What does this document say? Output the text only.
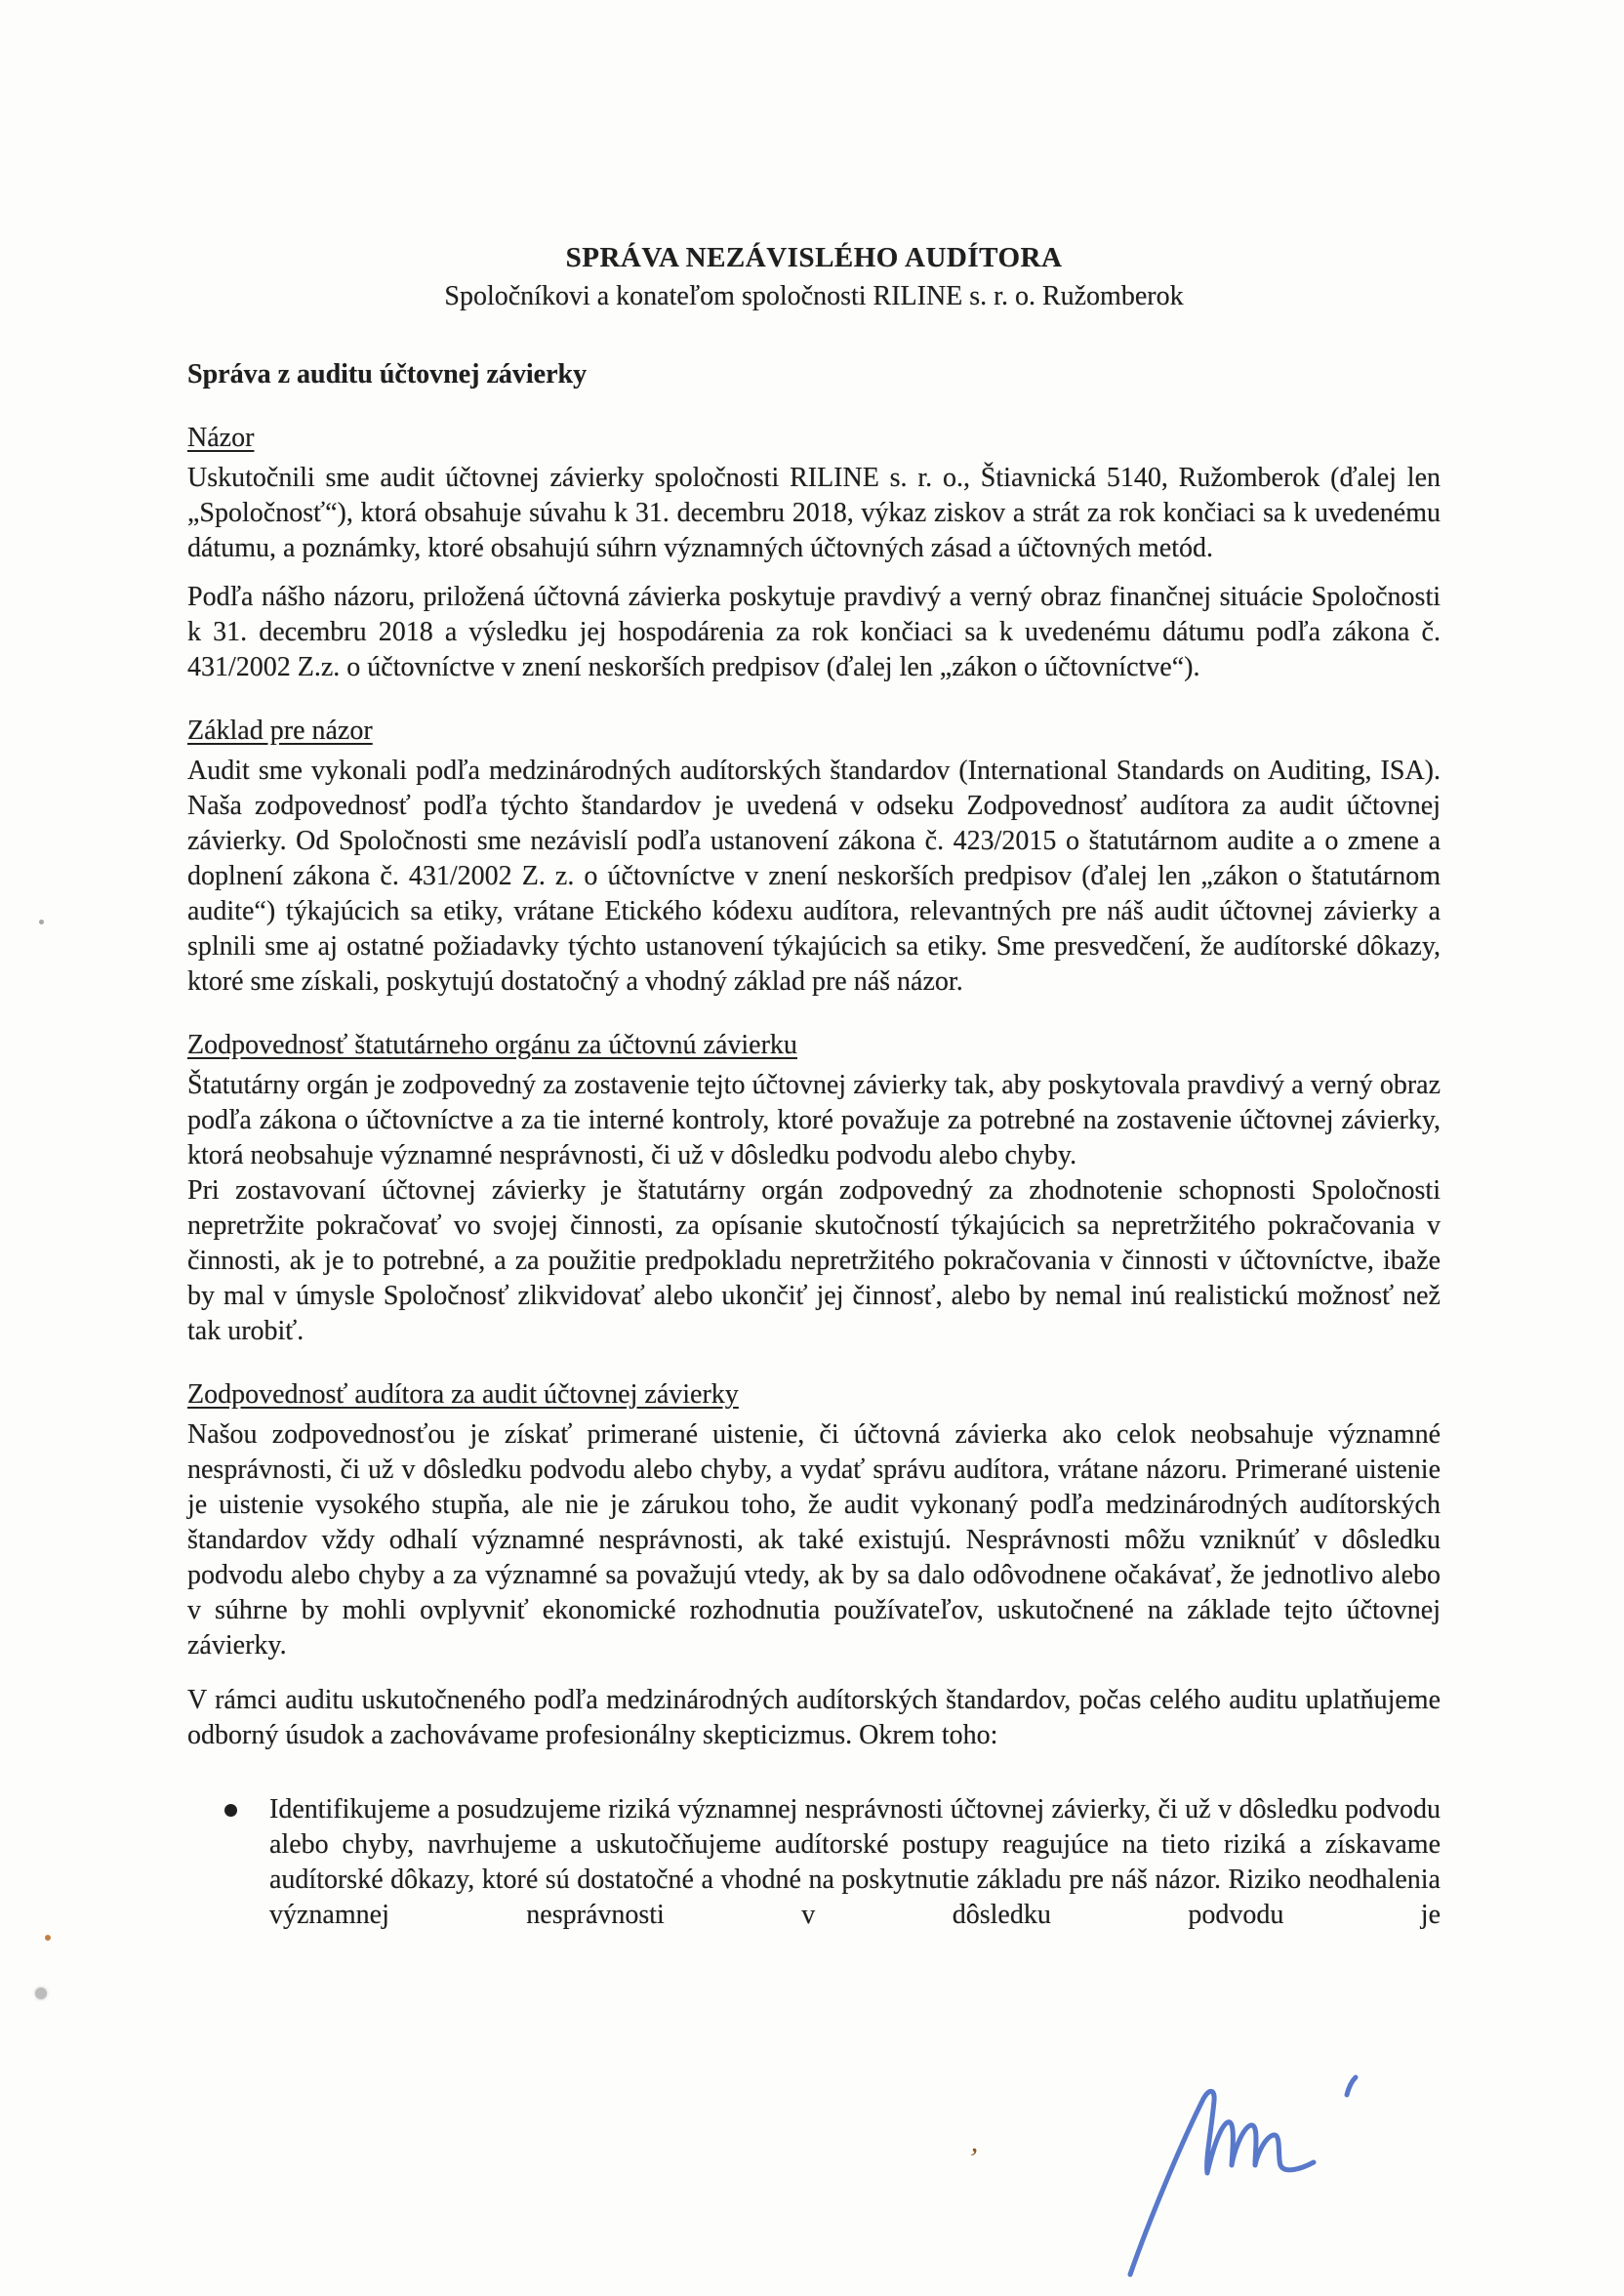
SPRÁVA NEZÁVISLÉHO AUDÍTORA
Spoločníkovi a konateľom spoločnosti RILINE s. r. o. Ružomberok
Správa z auditu účtovnej závierky
Názor

Uskutočnili sme audit účtovnej závierky spoločnosti RILINE s. r. o., Štiavnická 5140, Ružomberok (ďalej len „Spoločnosť“), ktorá obsahuje súvahu k 31. decembru 2018, výkaz ziskov a strát za rok končiaci sa k uvedenému dátumu, a poznámky, ktoré obsahujú súhrn významných účtovných zásad a účtovných metód.

Podľa nášho názoru, priložená účtovná závierka poskytuje pravdivý a verný obraz finančnej situácie Spoločnosti k 31. decembru 2018 a výsledku jej hospodárenia za rok končiaci sa k uvedenému dátumu podľa zákona č. 431/2002 Z.z. o účtovníctve v znení neskorších predpisov (ďalej len „zákon o účtovníctve“).

Základ pre názor

Audit sme vykonali podľa medzinárodných audítorských štandardov (International Standards on Auditing, ISA). Naša zodpovednosť podľa týchto štandardov je uvedená v odseku Zodpovednosť audítora za audit účtovnej závierky. Od Spoločnosti sme nezávislí podľa ustanovení zákona č. 423/2015 o štatutárnom audite a o zmene a doplnení zákona č. 431/2002 Z. z. o účtovníctve v znení neskorších predpisov (ďalej len „zákon o štatutárnom audite“) týkajúcich sa etiky, vrátane Etického kódexu audítora, relevantných pre náš audit účtovnej závierky a splnili sme aj ostatné požiadavky týchto ustanovení týkajúcich sa etiky. Sme presvedčení, že audítorské dôkazy, ktoré sme získali, poskytujú dostatočný a vhodný základ pre náš názor.

Zodpovednosť štatutárneho orgánu za účtovnú závierku

Štatutárny orgán je zodpovedný za zostavenie tejto účtovnej závierky tak, aby poskytovala pravdivý a verný obraz podľa zákona o účtovníctve a za tie interné kontroly, ktoré považuje za potrebné na zostavenie účtovnej závierky, ktorá neobsahuje významné nesprávnosti, či už v dôsledku podvodu alebo chyby.

Pri zostavovaní účtovnej závierky je štatutárny orgán zodpovedný za zhodnotenie schopnosti Spoločnosti nepretržite pokračovať vo svojej činnosti, za opísanie skutočností týkajúcich sa nepretržitého pokračovania v činnosti, ak je to potrebné, a za použitie predpokladu nepretržitého pokračovania v činnosti v účtovníctve, ibaže by mal v úmysle Spoločnosť zlikvidovať alebo ukončiť jej činnosť, alebo by nemal inú realistickú možnosť než tak urobiť.

Zodpovednosť audítora za audit účtovnej závierky

Našou zodpovednosťou je získať primerané uistenie, či účtovná závierka ako celok neobsahuje významné nesprávnosti, či už v dôsledku podvodu alebo chyby, a vydať správu audítora, vrátane názoru. Primerané uistenie je uistenie vysokého stupňa, ale nie je zárukou toho, že audit vykonaný podľa medzinárodných audítorských štandardov vždy odhalí významné nesprávnosti, ak také existujú. Nesprávnosti môžu vzniknúť v dôsledku podvodu alebo chyby a za významné sa považujú vtedy, ak by sa dalo odôvodnene očakávať, že jednotlivo alebo v súhrne by mohli ovplyvniť ekonomické rozhodnutia používateľov, uskutočnené na základe tejto účtovnej závierky.

V rámci auditu uskutočneného podľa medzinárodných audítorských štandardov, počas celého auditu uplatňujeme odborný úsudok a zachovávame profesionálny skepticizmus. Okrem toho:

Identifikujeme a posudzujeme riziká významnej nesprávnosti účtovnej závierky, či už v dôsledku podvodu alebo chyby, navrhujeme a uskutočňujeme audítorské postupy reagujúce na tieto riziká a získavame audítorské dôkazy, ktoré sú dostatočné a vhodné na poskytnutie základu pre náš názor. Riziko neodhalenia významnej nesprávnosti v dôsledku podvodu je

,
